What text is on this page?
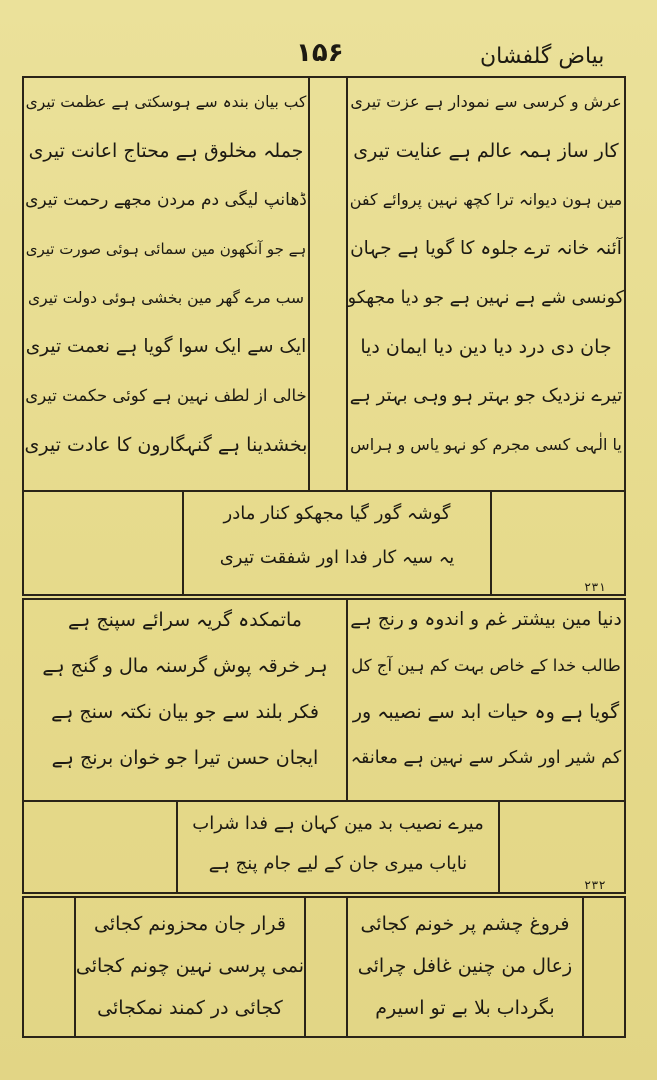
۱۵۶	بیاض گلفشان
عرش و کرسی سے نمودار ہے عزت تیری
کار ساز ہمہ عالم ہے عنایت تیری
مین ہون دیوانہ ترا کچھ نہین پروائے کفن
آئنہ خانہ ترے جلوہ کا گویا ہے جہان
کونسی شے ہے نہین ہے جو دیا مجھکو
جان دی درد دیا دین دیا ایمان دیا
تیرے نزدیک جو بہتر ہو وہی بہتر ہے
یا الٰہی کسی مجرم کو نہو یاس و ہراس
کب بیان بندہ سے ہوسکتی ہے عظمت تیری
جملہ مخلوق ہے محتاج اعانت تیری
ڈھانپ لیگی دم مردن مجھے رحمت تیری
ہے جو آنکھون مین سمائی ہوئی صورت تیری
سب مرے گھر مین بخشی ہوئی دولت تیری
ایک سے ایک سوا گویا ہے نعمت تیری
خالی از لطف نہین ہے کوئی حکمت تیری
بخشدینا ہے گنہگارون کا عادت تیری
گوشہ گور گیا مجھکو کنار مادر
یہ سیہ کار فدا اور شفقت تیری
۲۳۱
دنیا مین بیشتر غم و اندوہ و رنج ہے
طالب خدا کے خاص بہت کم ہین آج کل
گویا ہے وہ حیات ابد سے نصیبہ ور
کم شیر اور شکر سے نہین ہے معانقہ
ماتمکدہ گریہ سرائے سپنج ہے
ہر خرقہ پوش گرسنہ مال و گنج ہے
فکر بلند سے جو بیان نکتہ سنج ہے
ایجان حسن تیرا جو خوان برنج ہے
میرے نصیب بد مین کہان ہے فدا شراب
نایاب میری جان کے لیے جام پنج ہے
۲۳۲
فروغ چشم پر خونم کجائی
زعال من چنین غافل چرائی
بگرداب بلا بے تو اسیرم
قرار جان محزونم کجائی
نمی پرسی نہین چونم کجائی
کجائی در کمند نمکجائی
